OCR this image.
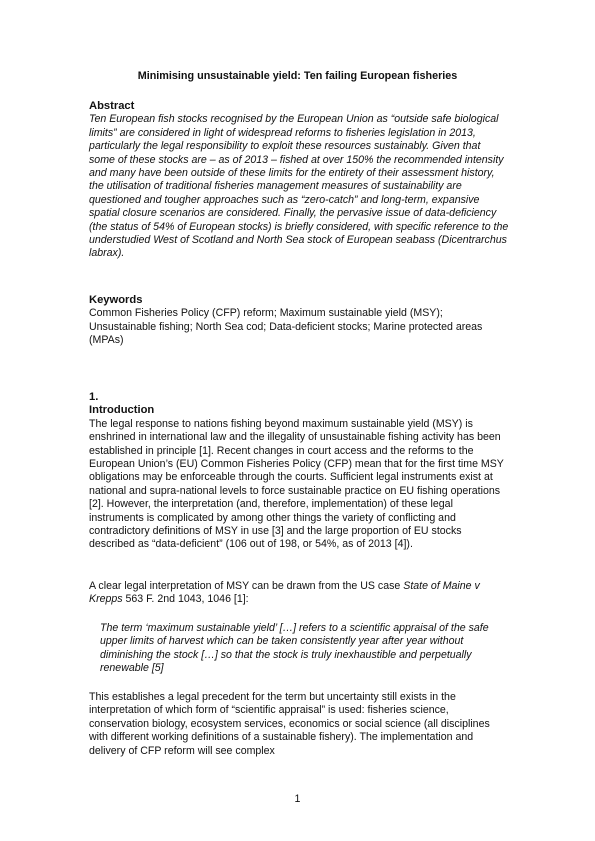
Minimising unsustainable yield: Ten failing European fisheries
Abstract

Ten European fish stocks recognised by the European Union as “outside safe biological limits” are considered in light of widespread reforms to fisheries legislation in 2013, particularly the legal responsibility to exploit these resources sustainably. Given that some of these stocks are – as of 2013 – fished at over 150% the recommended intensity and many have been outside of these limits for the entirety of their assessment history, the utilisation of traditional fisheries management measures of sustainability are questioned and tougher approaches such as “zero-catch” and long-term, expansive spatial closure scenarios are considered. Finally, the pervasive issue of data-deficiency (the status of 54% of European stocks) is briefly considered, with specific reference to the understudied West of Scotland and North Sea stock of European seabass (Dicentrarchus labrax).

Keywords

Common Fisheries Policy (CFP) reform; Maximum sustainable yield (MSY); Unsustainable fishing; North Sea cod; Data-deficient stocks; Marine protected areas (MPAs)

1.
Introduction

The legal response to nations fishing beyond maximum sustainable yield (MSY) is enshrined in international law and the illegality of unsustainable fishing activity has been established in principle [1]. Recent changes in court access and the reforms to the European Union’s (EU) Common Fisheries Policy (CFP) mean that for the first time MSY obligations may be enforceable through the courts. Sufficient legal instruments exist at national and supra-national levels to force sustainable practice on EU fishing operations [2]. However, the interpretation (and, therefore, implementation) of these legal instruments is complicated by among other things the variety of conflicting and contradictory definitions of MSY in use [3] and the large proportion of EU stocks described as “data-deficient” (106 out of 198, or 54%, as of 2013 [4]).

A clear legal interpretation of MSY can be drawn from the US case State of Maine v Krepps 563 F. 2nd 1043, 1046 [1]:

The term ‘maximum sustainable yield’ […] refers to a scientific appraisal of the safe upper limits of harvest which can be taken consistently year after year without diminishing the stock […] so that the stock is truly inexhaustible and perpetually renewable [5]
This establishes a legal precedent for the term but uncertainty still exists in the interpretation of which form of “scientific appraisal” is used: fisheries science, conservation biology, ecosystem services, economics or social science (all disciplines with different working definitions of a sustainable fishery). The implementation and delivery of CFP reform will see complex
1
